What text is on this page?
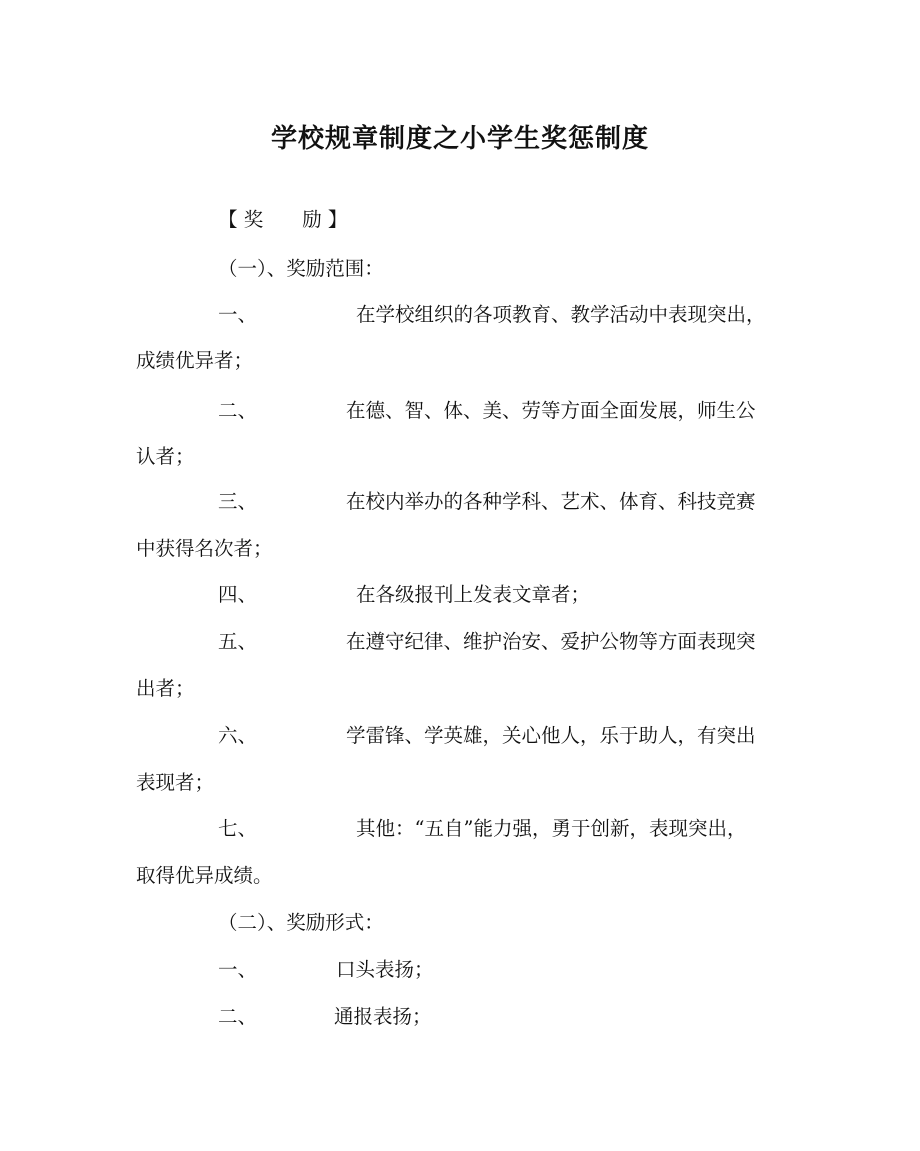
学校规章制度之小学生奖惩制度
【 奖　　励 】
（一）、奖励范围：
一、	在学校组织的各项教育、教学活动中表现突出，
成绩优异者；
二、	在德、智、体、美、劳等方面全面发展，师生公
认者；
三、	在校内举办的各种学科、艺术、体育、科技竞赛
中获得名次者；
四、	在各级报刊上发表文章者；
五、	在遵守纪律、维护治安、爱护公物等方面表现突
出者；
六、	学雷锋、学英雄，关心他人，乐于助人，有突出
表现者；
七、	其他：“五自”能力强，勇于创新，表现突出，
取得优异成绩。
（二）、奖励形式：
一、	口头表扬；
二、	通报表扬；
